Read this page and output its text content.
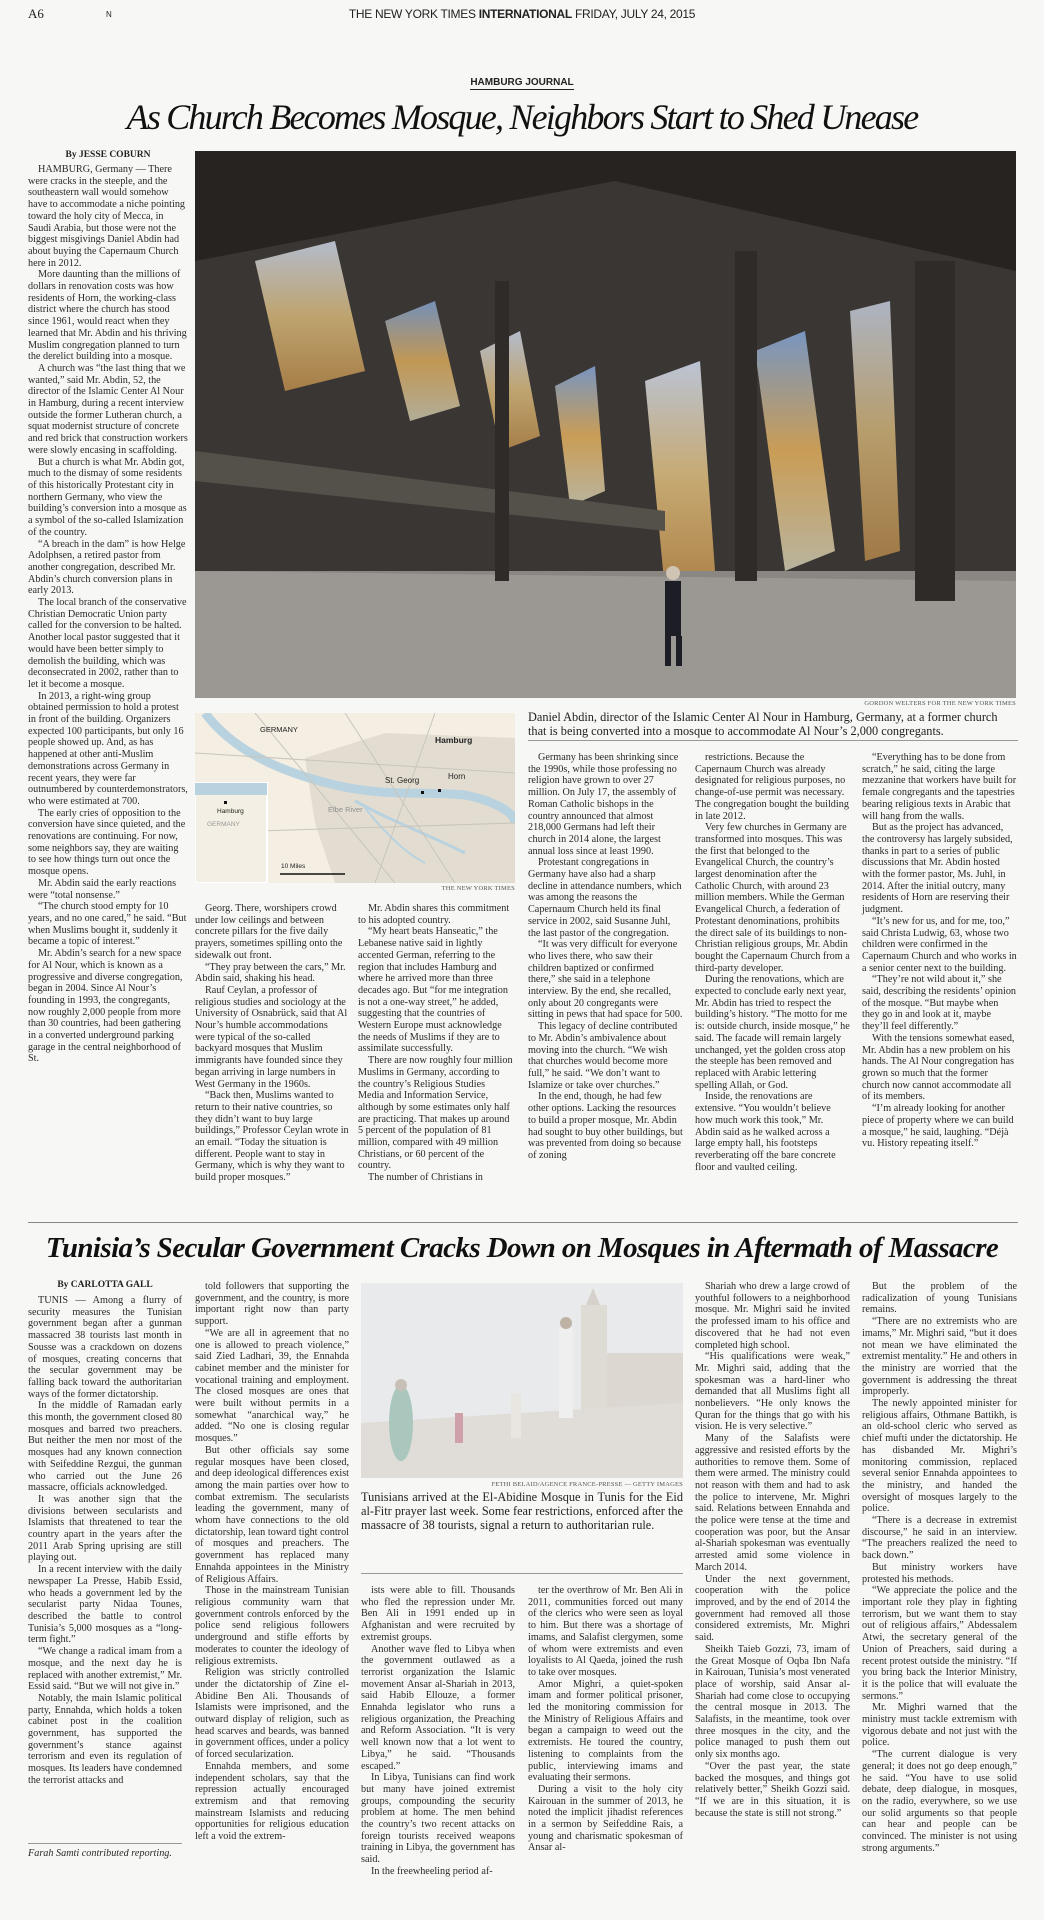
A6	N	THE NEW YORK TIMES INTERNATIONAL FRIDAY, JULY 24, 2015
HAMBURG JOURNAL
As Church Becomes Mosque, Neighbors Start to Shed Unease
By JESSE COBURN

HAMBURG, Germany — There were cracks in the steeple, and the southeastern wall would somehow have to accommodate a niche pointing toward the holy city of Mecca, in Saudi Arabia, but those were not the biggest misgivings Daniel Abdin had about buying the Capernaum Church here in 2012.

More daunting than the millions of dollars in renovation costs was how residents of Horn, the working-class district where the church has stood since 1961, would react when they learned that Mr. Abdin and his thriving Muslim congregation planned to turn the derelict building into a mosque.

A church was “the last thing that we wanted,” said Mr. Abdin, 52, the director of the Islamic Center Al Nour in Hamburg, during a recent interview outside the former Lutheran church, a squat modernist structure of concrete and red brick that construction workers were slowly encasing in scaffolding.

But a church is what Mr. Abdin got, much to the dismay of some residents of this historically Protestant city in northern Germany, who view the building’s conversion into a mosque as a symbol of the so-called Islamization of the country.

“A breach in the dam” is how Helge Adolphsen, a retired pastor from another congregation, described Mr. Abdin’s church conversion plans in early 2013.

The local branch of the conservative Christian Democratic Union party called for the conversion to be halted. Another local pastor suggested that it would have been better simply to demolish the building, which was deconsecrated in 2002, rather than to let it become a mosque.

In 2013, a right-wing group obtained permission to hold a protest in front of the building. Organizers expected 100 participants, but only 16 people showed up. And, as has happened at other anti-Muslim demonstrations across Germany in recent years, they were far outnumbered by counterdemonstrators, who were estimated at 700.

The early cries of opposition to the conversion have since quieted, and the renovations are continuing. For now, some neighbors say, they are waiting to see how things turn out once the mosque opens.

Mr. Abdin said the early reactions were “total nonsense.”

“The church stood empty for 10 years, and no one cared,” he said. “But when Muslims bought it, suddenly it became a topic of interest.”

Mr. Abdin’s search for a new space for Al Nour, which is known as a progressive and diverse congregation, began in 2004. Since Al Nour’s founding in 1993, the congregants, now roughly 2,000 people from more than 30 countries, had been gathering in a converted underground parking garage in the central neighborhood of St.

GORDON WELTERS FOR THE NEW YORK TIMES
Daniel Abdin, director of the Islamic Center Al Nour in Hamburg, Germany, at a former church that is being converted into a mosque to accommodate Al Nour’s 2,000 congregants.
GERMANY
Hamburg
St. Georg	Horn
Elbe River
Hamburg
GERMANY
10 Miles
THE NEW YORK TIMES

Georg. There, worshipers crowd under low ceilings and between concrete pillars for the five daily prayers, sometimes spilling onto the sidewalk out front.

“They pray between the cars,” Mr. Abdin said, shaking his head.

Rauf Ceylan, a professor of religious studies and sociology at the University of Osnabrück, said that Al Nour’s humble accommodations were typical of the so-called backyard mosques that Muslim immigrants have founded since they began arriving in large numbers in West Germany in the 1960s.

“Back then, Muslims wanted to return to their native countries, so they didn’t want to buy large buildings,” Professor Ceylan wrote in an email. “Today the situation is different. People want to stay in Germany, which is why they want to build proper mosques.”

Mr. Abdin shares this commitment to his adopted country.

“My heart beats Hanseatic,” the Lebanese native said in lightly accented German, referring to the region that includes Hamburg and where he arrived more than three decades ago. But “for me integration is not a one-way street,” he added, suggesting that the countries of Western Europe must acknowledge the needs of Muslims if they are to assimilate successfully.

There are now roughly four million Muslims in Germany, according to the country’s Religious Studies Media and Information Service, although by some estimates only half are practicing. That makes up around 5 percent of the population of 81 million, compared with 49 million Christians, or 60 percent of the country.

The number of Christians in

Germany has been shrinking since the 1990s, while those professing no religion have grown to over 27 million. On July 17, the assembly of Roman Catholic bishops in the country announced that almost 218,000 Germans had left their church in 2014 alone, the largest annual loss since at least 1990.

Protestant congregations in Germany have also had a sharp decline in attendance numbers, which was among the reasons the Capernaum Church held its final service in 2002, said Susanne Juhl, the last pastor of the congregation.

“It was very difficult for everyone who lives there, who saw their children baptized or confirmed there,” she said in a telephone interview. By the end, she recalled, only about 20 congregants were sitting in pews that had space for 500.

This legacy of decline contributed to Mr. Abdin’s ambivalence about moving into the church. “We wish that churches would become more full,” he said. “We don’t want to Islamize or take over churches.”

In the end, though, he had few other options. Lacking the resources to build a proper mosque, Mr. Abdin had sought to buy other buildings, but was prevented from doing so because of zoning

restrictions. Because the Capernaum Church was already designated for religious purposes, no change-of-use permit was necessary. The congregation bought the building in late 2012.

Very few churches in Germany are transformed into mosques. This was the first that belonged to the Evangelical Church, the country’s largest denomination after the Catholic Church, with around 23 million members. While the German Evangelical Church, a federation of Protestant denominations, prohibits the direct sale of its buildings to non-Christian religious groups, Mr. Abdin bought the Capernaum Church from a third-party developer.

During the renovations, which are expected to conclude early next year, Mr. Abdin has tried to respect the building’s history. “The motto for me is: outside church, inside mosque,” he said. The facade will remain largely unchanged, yet the golden cross atop the steeple has been removed and replaced with Arabic lettering spelling Allah, or God.

Inside, the renovations are extensive. “You wouldn’t believe how much work this took,” Mr. Abdin said as he walked across a large empty hall, his footsteps reverberating off the bare concrete floor and vaulted ceiling.

“Everything has to be done from scratch,” he said, citing the large mezzanine that workers have built for female congregants and the tapestries bearing religious texts in Arabic that will hang from the walls.

But as the project has advanced, the controversy has largely subsided, thanks in part to a series of public discussions that Mr. Abdin hosted with the former pastor, Ms. Juhl, in 2014. After the initial outcry, many residents of Horn are reserving their judgment.

“It’s new for us, and for me, too,” said Christa Ludwig, 63, whose two children were confirmed in the Capernaum Church and who works in a senior center next to the building.

“They’re not wild about it,” she said, describing the residents’ opinion of the mosque. “But maybe when they go in and look at it, maybe they’ll feel differently.”

With the tensions somewhat eased, Mr. Abdin has a new problem on his hands. The Al Nour congregation has grown so much that the former church now cannot accommodate all of its members.

“I’m already looking for another piece of property where we can build a mosque,” he said, laughing. “Déjà vu. History repeating itself.”

Tunisia’s Secular Government Cracks Down on Mosques in Aftermath of Massacre
By CARLOTTA GALL

TUNIS — Among a flurry of security measures the Tunisian government began after a gunman massacred 38 tourists last month in Sousse was a crackdown on dozens of mosques, creating concerns that the secular government may be falling back toward the authoritarian ways of the former dictatorship.

In the middle of Ramadan early this month, the government closed 80 mosques and barred two preachers. But neither the men nor most of the mosques had any known connection with Seifeddine Rezgui, the gunman who carried out the June 26 massacre, officials acknowledged.

It was another sign that the divisions between secularists and Islamists that threatened to tear the country apart in the years after the 2011 Arab Spring uprising are still playing out.

In a recent interview with the daily newspaper La Presse, Habib Essid, who heads a government led by the secularist party Nidaa Tounes, described the battle to control Tunisia’s 5,000 mosques as a “long-term fight.”

“We change a radical imam from a mosque, and the next day he is replaced with another extremist,” Mr. Essid said. “But we will not give in.”

Notably, the main Islamic political party, Ennahda, which holds a token cabinet post in the coalition government, has supported the government’s stance against terrorism and even its regulation of mosques. Its leaders have condemned the terrorist attacks and

Farah Samti contributed reporting.

told followers that supporting the government, and the country, is more important right now than party support.

“We are all in agreement that no one is allowed to preach violence,” said Zied Ladhari, 39, the Ennahda cabinet member and the minister for vocational training and employment. The closed mosques are ones that were built without permits in a somewhat “anarchical way,” he added. “No one is closing regular mosques.”

But other officials say some regular mosques have been closed, and deep ideological differences exist among the main parties over how to combat extremism. The secularists leading the government, many of whom have connections to the old dictatorship, lean toward tight control of mosques and preachers. The government has replaced many Ennahda appointees in the Ministry of Religious Affairs.

Those in the mainstream Tunisian religious community warn that government controls enforced by the police send religious followers underground and stifle efforts by moderates to counter the ideology of religious extremists.

Religion was strictly controlled under the dictatorship of Zine el-Abidine Ben Ali. Thousands of Islamists were imprisoned, and the outward display of religion, such as head scarves and beards, was banned in government offices, under a policy of forced secularization.

Ennahda members, and some independent scholars, say that the repression actually encouraged extremism and that removing mainstream Islamists and reducing opportunities for religious education left a void the extrem-

FETHI BELAID/AGENCE FRANCE-PRESSE — GETTY IMAGES
Tunisians arrived at the El-Abidine Mosque in Tunis for the Eid al-Fitr prayer last week. Some fear restrictions, enforced after the massacre of 38 tourists, signal a return to authoritarian rule.

ists were able to fill. Thousands who fled the repression under Mr. Ben Ali in 1991 ended up in Afghanistan and were recruited by extremist groups.

Another wave fled to Libya when the government outlawed as a terrorist organization the Islamic movement Ansar al-Shariah in 2013, said Habib Ellouze, a former Ennahda legislator who runs a religious organization, the Preaching and Reform Association. “It is very well known now that a lot went to Libya,” he said. “Thousands escaped.”

In Libya, Tunisians can find work but many have joined extremist groups, compounding the security problem at home. The men behind the country’s two recent attacks on foreign tourists received weapons training in Libya, the government has said.

In the freewheeling period af-

ter the overthrow of Mr. Ben Ali in 2011, communities forced out many of the clerics who were seen as loyal to him. But there was a shortage of imams, and Salafist clergymen, some of whom were extremists and even loyalists to Al Qaeda, joined the rush to take over mosques.

Amor Mighri, a quiet-spoken imam and former political prisoner, led the monitoring commission for the Ministry of Religious Affairs and began a campaign to weed out the extremists. He toured the country, listening to complaints from the public, interviewing imams and evaluating their sermons.

During a visit to the holy city Kairouan in the summer of 2013, he noted the implicit jihadist references in a sermon by Seifeddine Rais, a young and charismatic spokesman of Ansar al-

Shariah who drew a large crowd of youthful followers to a neighborhood mosque. Mr. Mighri said he invited the professed imam to his office and discovered that he had not even completed high school.

“His qualifications were weak,” Mr. Mighri said, adding that the spokesman was a hard-liner who demanded that all Muslims fight all nonbelievers. “He only knows the Quran for the things that go with his vision. He is very selective.”

Many of the Salafists were aggressive and resisted efforts by the authorities to remove them. Some of them were armed. The ministry could not reason with them and had to ask the police to intervene, Mr. Mighri said. Relations between Ennahda and the police were tense at the time and cooperation was poor, but the Ansar al-Shariah spokesman was eventually arrested amid some violence in March 2014.

Under the next government, cooperation with the police improved, and by the end of 2014 the government had removed all those considered extremists, Mr. Mighri said.

Sheikh Taieb Gozzi, 73, imam of the Great Mosque of Oqba Ibn Nafa in Kairouan, Tunisia’s most venerated place of worship, said Ansar al-Shariah had come close to occupying the central mosque in 2013. The Salafists, in the meantime, took over three mosques in the city, and the police managed to push them out only six months ago.

“Over the past year, the state backed the mosques, and things got relatively better,” Sheikh Gozzi said. “If we are in this situation, it is because the state is still not strong.”

But the problem of the radicalization of young Tunisians remains.

“There are no extremists who are imams,” Mr. Mighri said, “but it does not mean we have eliminated the extremist mentality.” He and others in the ministry are worried that the government is addressing the threat improperly.

The newly appointed minister for religious affairs, Othmane Battikh, is an old-school cleric who served as chief mufti under the dictatorship. He has disbanded Mr. Mighri’s monitoring commission, replaced several senior Ennahda appointees to the ministry, and handed the oversight of mosques largely to the police.

“There is a decrease in extremist discourse,” he said in an interview. “The preachers realized the need to back down.”

But ministry workers have protested his methods.

“We appreciate the police and the important role they play in fighting terrorism, but we want them to stay out of religious affairs,” Abdessalem Atwi, the secretary general of the Union of Preachers, said during a recent protest outside the ministry. “If you bring back the Interior Ministry, it is the police that will evaluate the sermons.”

Mr. Mighri warned that the ministry must tackle extremism with vigorous debate and not just with the police.

“The current dialogue is very general; it does not go deep enough,” he said. “You have to use solid debate, deep dialogue, in mosques, on the radio, everywhere, so we use our solid arguments so that people can hear and people can be convinced. The minister is not using strong arguments.”
